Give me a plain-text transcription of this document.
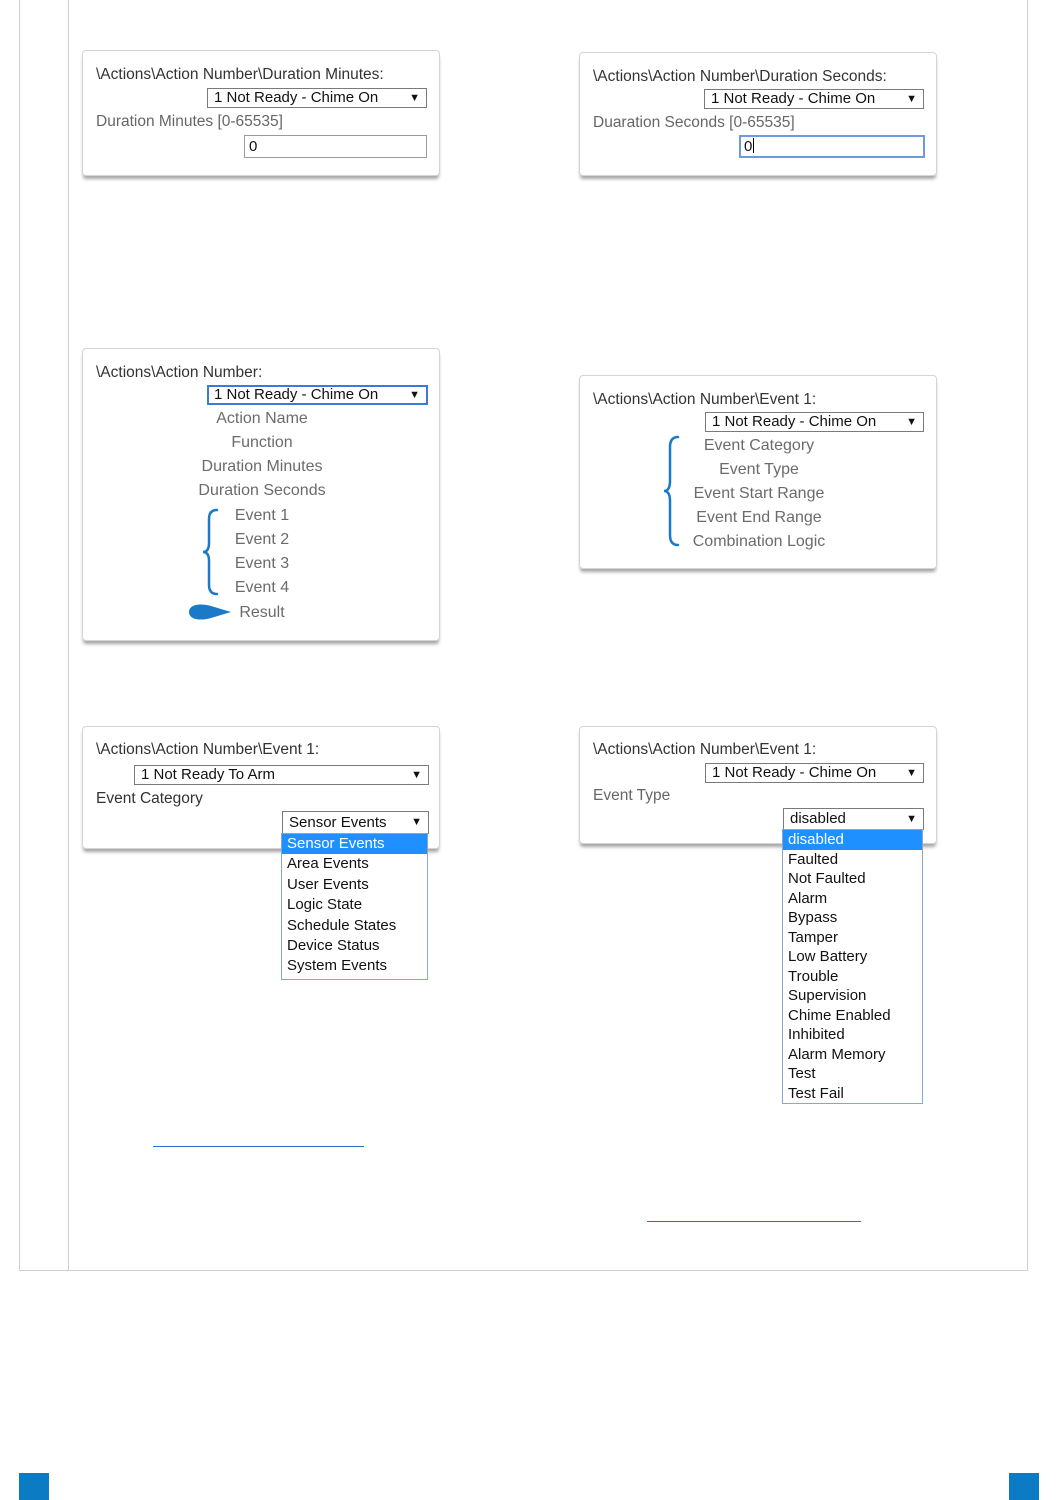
\Actions\Action Number\Duration Minutes:
1 Not Ready - Chime On	▼
Duration Minutes [0-65535]
0
\Actions\Action Number\Duration Seconds:
1 Not Ready - Chime On	▼
Duaration Seconds [0-65535]
0
\Actions\Action Number:
1 Not Ready - Chime On	▼
Action Name
Function
Duration Minutes
Duration Seconds
Event 1
Event 2
Event 3
Event 4
Result
\Actions\Action Number\Event 1:
1 Not Ready - Chime On	▼
Event Category
Event Type
Event Start Range
Event End Range
Combination Logic
\Actions\Action Number\Event 1:
1 Not Ready To Arm	▼
Event Category
Sensor Events ▼
Sensor Events
Area Events
User Events
Logic State
Schedule States
Device Status
System Events
\Actions\Action Number\Event 1:
1 Not Ready - Chime On	▼
Event Type
disabled	▼
disabled
Faulted
Not Faulted
Alarm
Bypass
Tamper
Low Battery
Trouble
Supervision
Chime Enabled
Inhibited
Alarm Memory
Test
Test Fail
